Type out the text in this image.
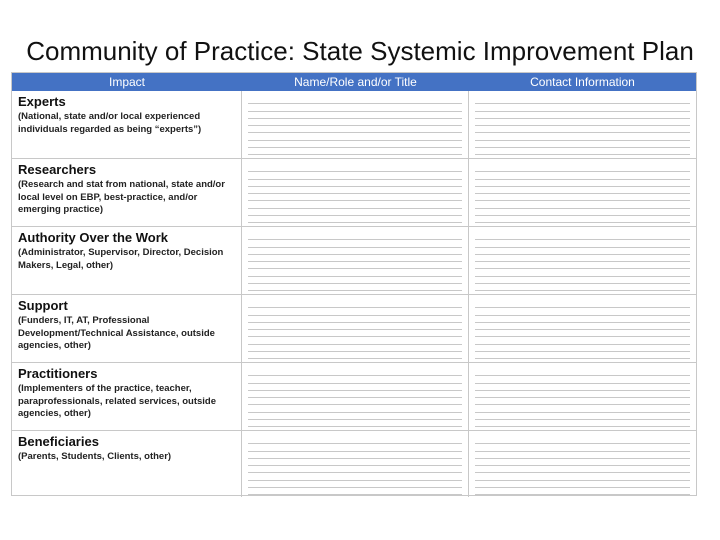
Community of Practice: State Systemic Improvement Plan
Impact	Name/Role and/or Title	Contact Information
Experts
(National, state and/or local experienced individuals regarded as being “experts”)
Researchers
(Research and stat from national, state and/or local level on EBP, best-practice, and/or emerging practice)
Authority Over the Work
(Administrator, Supervisor, Director, Decision Makers, Legal, other)
Support
(Funders, IT, AT, Professional Development/Technical Assistance, outside agencies, other)
Practitioners
(Implementers of the practice, teacher, paraprofessionals, related services, outside agencies, other)
Beneficiaries
(Parents, Students, Clients, other)
